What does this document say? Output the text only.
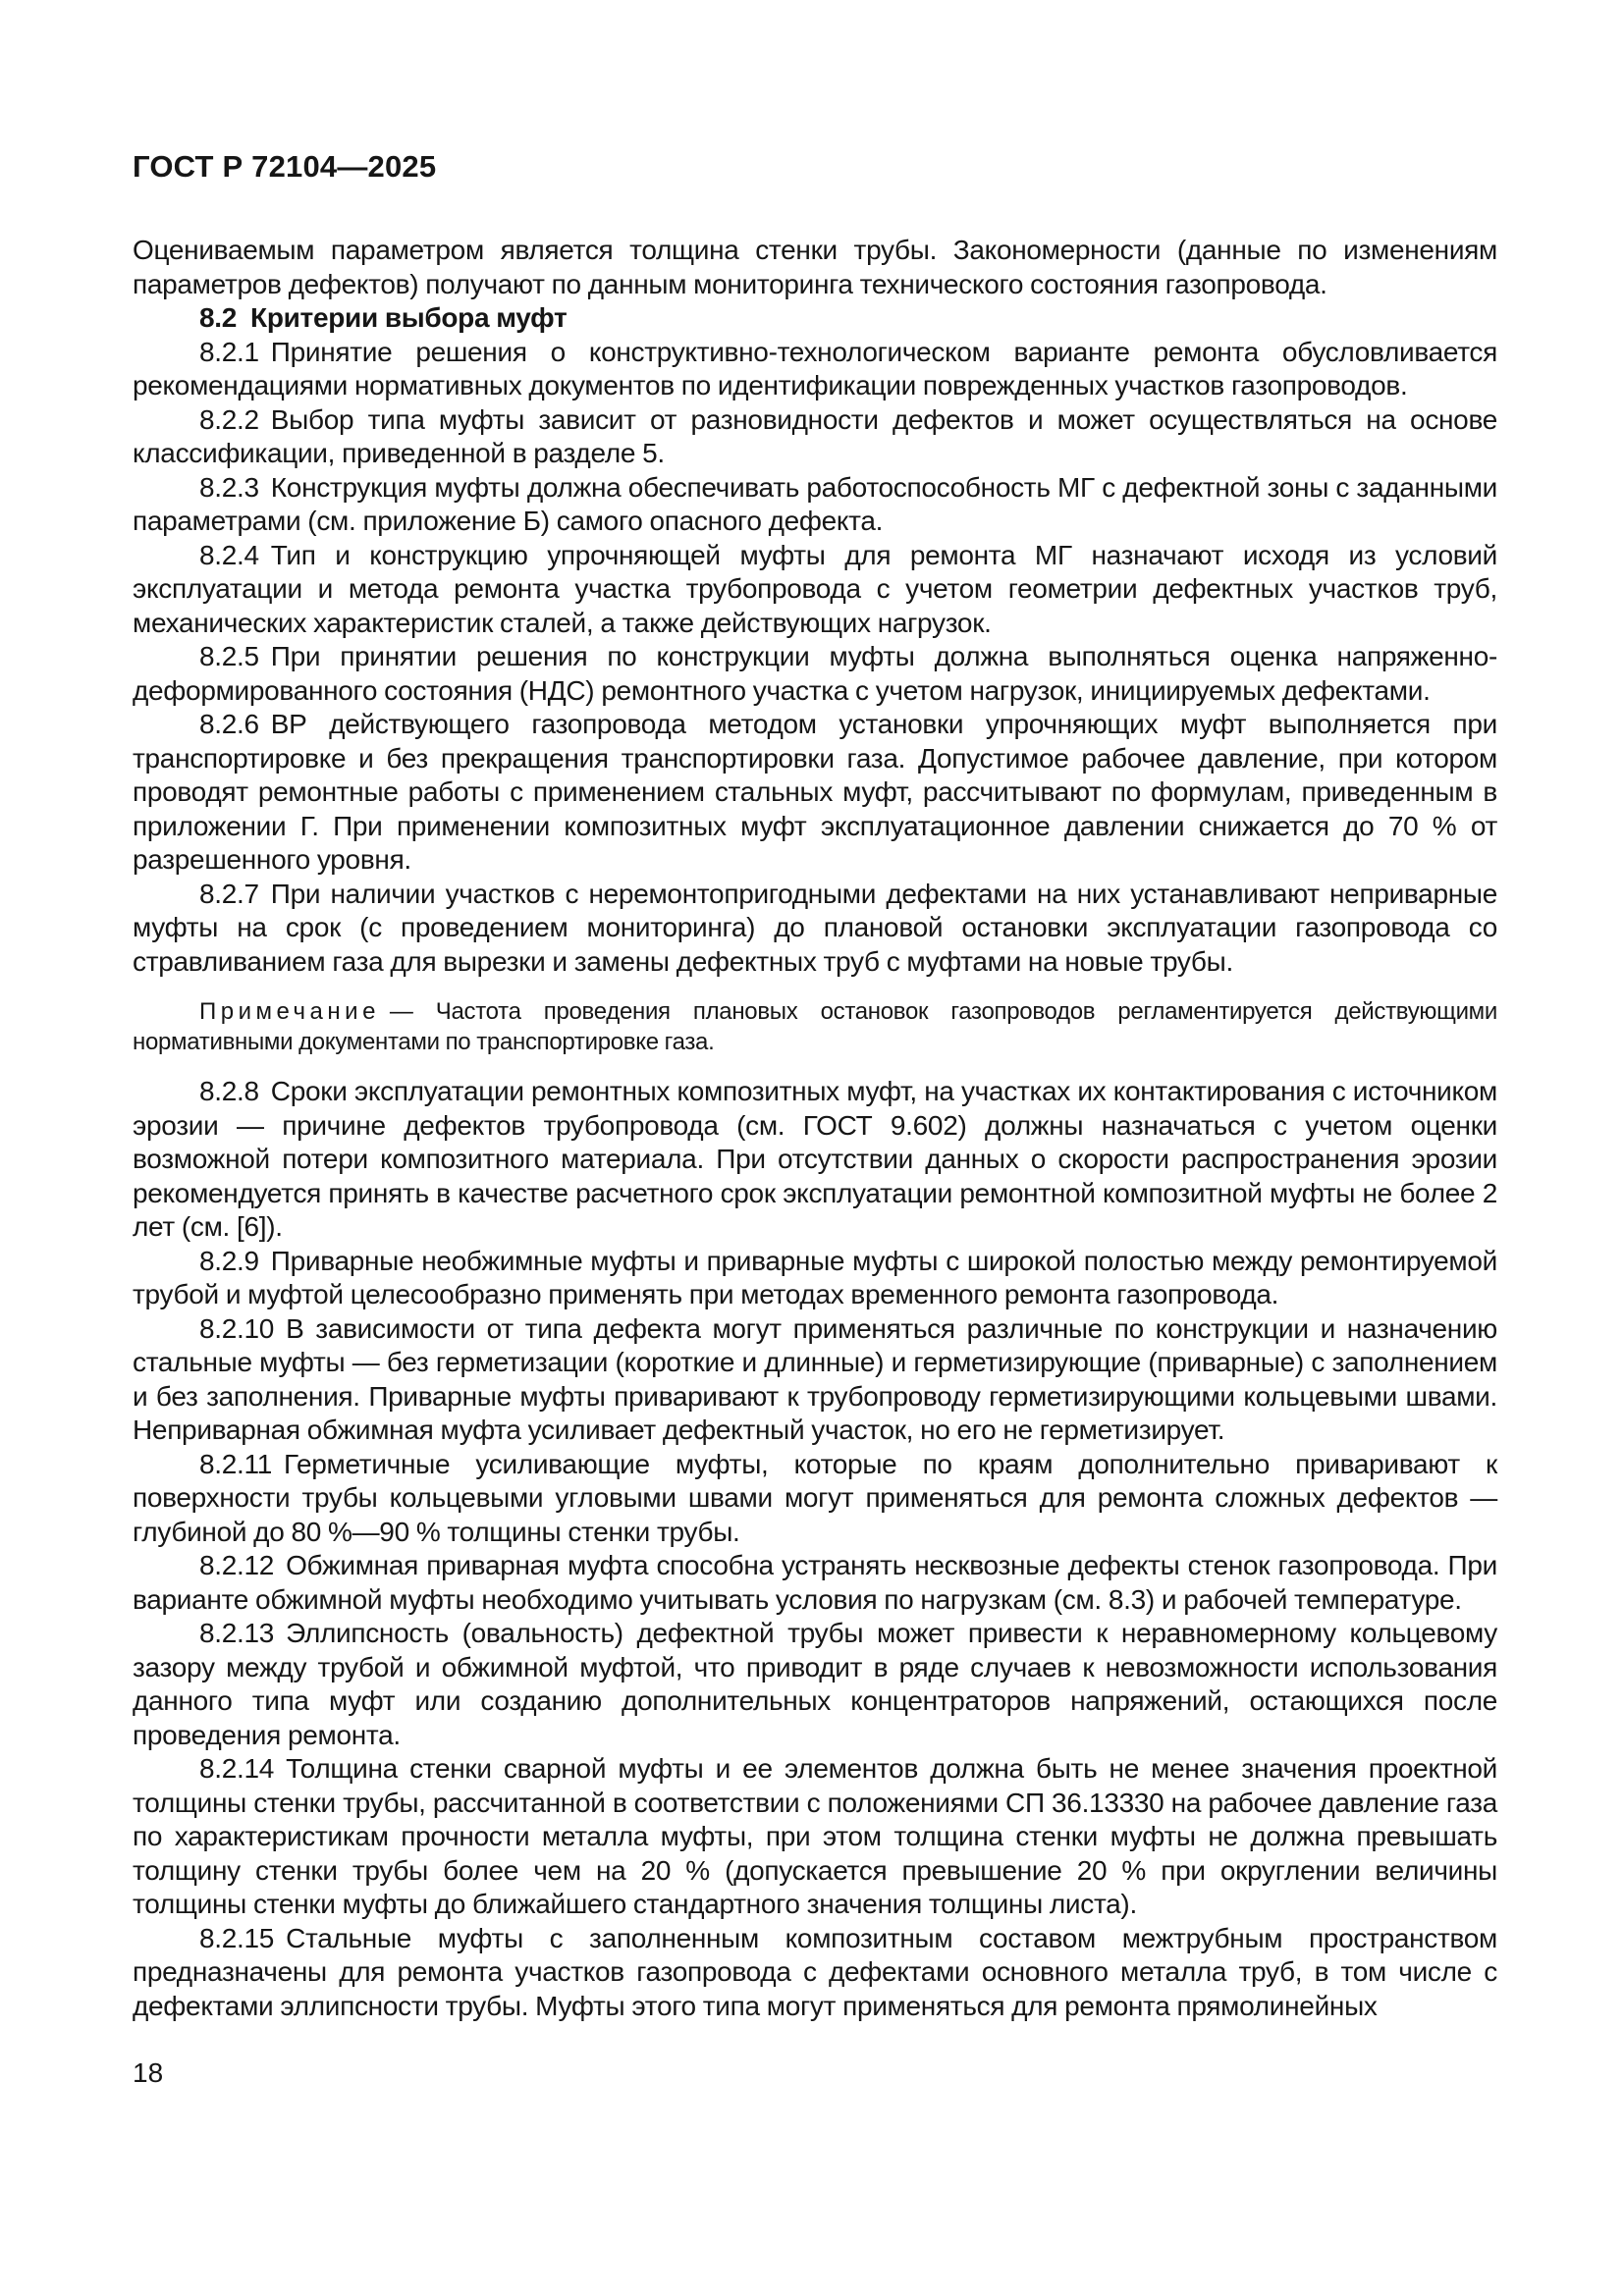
ГОСТ Р 72104—2025

Оцениваемым параметром является толщина стенки трубы. Закономерности (данные по изменениям параметров дефектов) получают по данным мониторинга технического состояния газопровода.

8.2 Критерии выбора муфт

8.2.1 Принятие решения о конструктивно-технологическом варианте ремонта обусловливается рекомендациями нормативных документов по идентификации поврежденных участков газопроводов.

8.2.2 Выбор типа муфты зависит от разновидности дефектов и может осуществляться на основе классификации, приведенной в разделе 5.

8.2.3 Конструкция муфты должна обеспечивать работоспособность МГ с дефектной зоны с заданными параметрами (см. приложение Б) самого опасного дефекта.

8.2.4 Тип и конструкцию упрочняющей муфты для ремонта МГ назначают исходя из условий эксплуатации и метода ремонта участка трубопровода с учетом геометрии дефектных участков труб, механических характеристик сталей, а также действующих нагрузок.

8.2.5 При принятии решения по конструкции муфты должна выполняться оценка напряженно-деформированного состояния (НДС) ремонтного участка с учетом нагрузок, инициируемых дефектами.

8.2.6 ВР действующего газопровода методом установки упрочняющих муфт выполняется при транспортировке и без прекращения транспортировки газа. Допустимое рабочее давление, при котором проводят ремонтные работы с применением стальных муфт, рассчитывают по формулам, приведенным в приложении Г. При применении композитных муфт эксплуатационное давлении снижается до 70 % от разрешенного уровня.

8.2.7 При наличии участков с неремонтопригодными дефектами на них устанавливают неприварные муфты на срок (с проведением мониторинга) до плановой остановки эксплуатации газопровода со стравливанием газа для вырезки и замены дефектных труб с муфтами на новые трубы.

Примечание — Частота проведения плановых остановок газопроводов регламентируется действующими нормативными документами по транспортировке газа.

8.2.8 Сроки эксплуатации ремонтных композитных муфт, на участках их контактирования с источником эрозии — причине дефектов трубопровода (см. ГОСТ 9.602) должны назначаться с учетом оценки возможной потери композитного материала. При отсутствии данных о скорости распространения эрозии рекомендуется принять в качестве расчетного срок эксплуатации ремонтной композитной муфты не более 2 лет (см. [6]).

8.2.9 Приварные необжимные муфты и приварные муфты с широкой полостью между ремонтируемой трубой и муфтой целесообразно применять при методах временного ремонта газопровода.

8.2.10 В зависимости от типа дефекта могут применяться различные по конструкции и назначению стальные муфты — без герметизации (короткие и длинные) и герметизирующие (приварные) с заполнением и без заполнения. Приварные муфты приваривают к трубопроводу герметизирующими кольцевыми швами. Неприварная обжимная муфта усиливает дефектный участок, но его не герметизирует.

8.2.11 Герметичные усиливающие муфты, которые по краям дополнительно приваривают к поверхности трубы кольцевыми угловыми швами могут применяться для ремонта сложных дефектов — глубиной до 80 %—90 % толщины стенки трубы.

8.2.12 Обжимная приварная муфта способна устранять несквозные дефекты стенок газопровода. При варианте обжимной муфты необходимо учитывать условия по нагрузкам (см. 8.3) и рабочей температуре.

8.2.13 Эллипсность (овальность) дефектной трубы может привести к неравномерному кольцевому зазору между трубой и обжимной муфтой, что приводит в ряде случаев к невозможности использования данного типа муфт или созданию дополнительных концентраторов напряжений, остающихся после проведения ремонта.

8.2.14 Толщина стенки сварной муфты и ее элементов должна быть не менее значения проектной толщины стенки трубы, рассчитанной в соответствии с положениями СП 36.13330 на рабочее давление газа по характеристикам прочности металла муфты, при этом толщина стенки муфты не должна превышать толщину стенки трубы более чем на 20 % (допускается превышение 20 % при округлении величины толщины стенки муфты до ближайшего стандартного значения толщины листа).

8.2.15 Стальные муфты с заполненным композитным составом межтрубным пространством предназначены для ремонта участков газопровода с дефектами основного металла труб, в том числе с дефектами эллипсности трубы. Муфты этого типа могут применяться для ремонта прямолинейных

18
